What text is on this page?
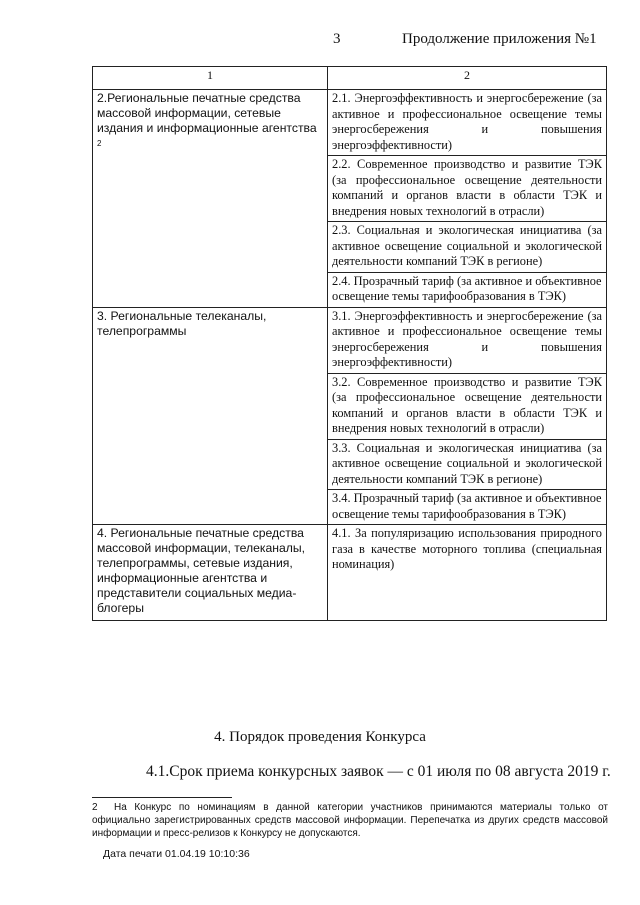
3	Продолжение приложения №1
1	2
2.Региональные печатные средства массовой информации, сетевые издания и информационные агентства $^2$	2.1. Энергоэффективность и энергосбережение (за активное и профессиональное освещение темы энергосбережения и повышения энергоэффективности)
	2.2. Современное производство и развитие ТЭК (за профессиональное освещение деятельности компаний и органов власти в области ТЭК и внедрения новых технологий в отрасли)
	2.3. Социальная и экологическая инициатива (за активное освещение социальной и экологической деятельности компаний ТЭК в регионе)
	2.4. Прозрачный тариф (за активное и объективное освещение темы тарифообразования в ТЭК)
3. Региональные телеканалы, телепрограммы	3.1. Энергоэффективность и энергосбережение (за активное и профессиональное освещение темы энергосбережения и повышения энергоэффективности)
	3.2. Современное производство и развитие ТЭК (за профессиональное освещение деятельности компаний и органов власти в области ТЭК и внедрения новых технологий в отрасли)
	3.3. Социальная и экологическая инициатива (за активное освещение социальной и экологической деятельности компаний ТЭК в регионе)
	3.4. Прозрачный тариф (за активное и объективное освещение темы тарифообразования в ТЭК)
4. Региональные печатные средства массовой информации, телеканалы, телепрограммы, сетевые издания, информационные агентства и представители социальных медиа-блогеры	4.1. За популяризацию использования природного газа в качестве моторного топлива (специальная номинация)
4. Порядок проведения Конкурса
4.1.Срок приема конкурсных заявок — с 01 июля по 08 августа 2019 г.
2 На Конкурс по номинациям в данной категории участников принимаются материалы только от официально зарегистрированных средств массовой информации. Перепечатка из других средств массовой информации и пресс-релизов к Конкурсу не допускаются.
Дата печати 01.04.19 10:10:36
